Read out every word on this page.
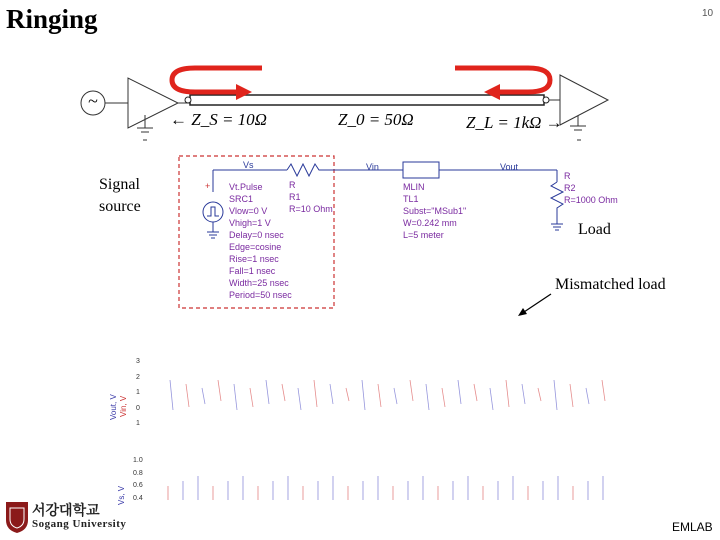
Ringing	10
~
← Z_S = 10Ω	Z_0 = 50Ω	Z_L = 1kΩ →
Signal
source
Load
Mismatched load
+
Vs	Vin	Vout
Vt.Pulse
SRC1
Vlow=0 V
Vhigh=1 V
Delay=0 nsec
Edge=cosine
Rise=1 nsec
Fall=1 nsec
Width=25 nsec
Period=50 nsec
R
R1
R=10 Ohm
MLIN
TL1
Subst="MSub1"
W=0.242 mm
L=5 meter
R
R2
R=1000 Ohm
Vout, V Vin, V
3
2
1
0
1
1.0
0.8
0.6
0.4
Vs, V
서강대학교
Sogang University	EMLAB
